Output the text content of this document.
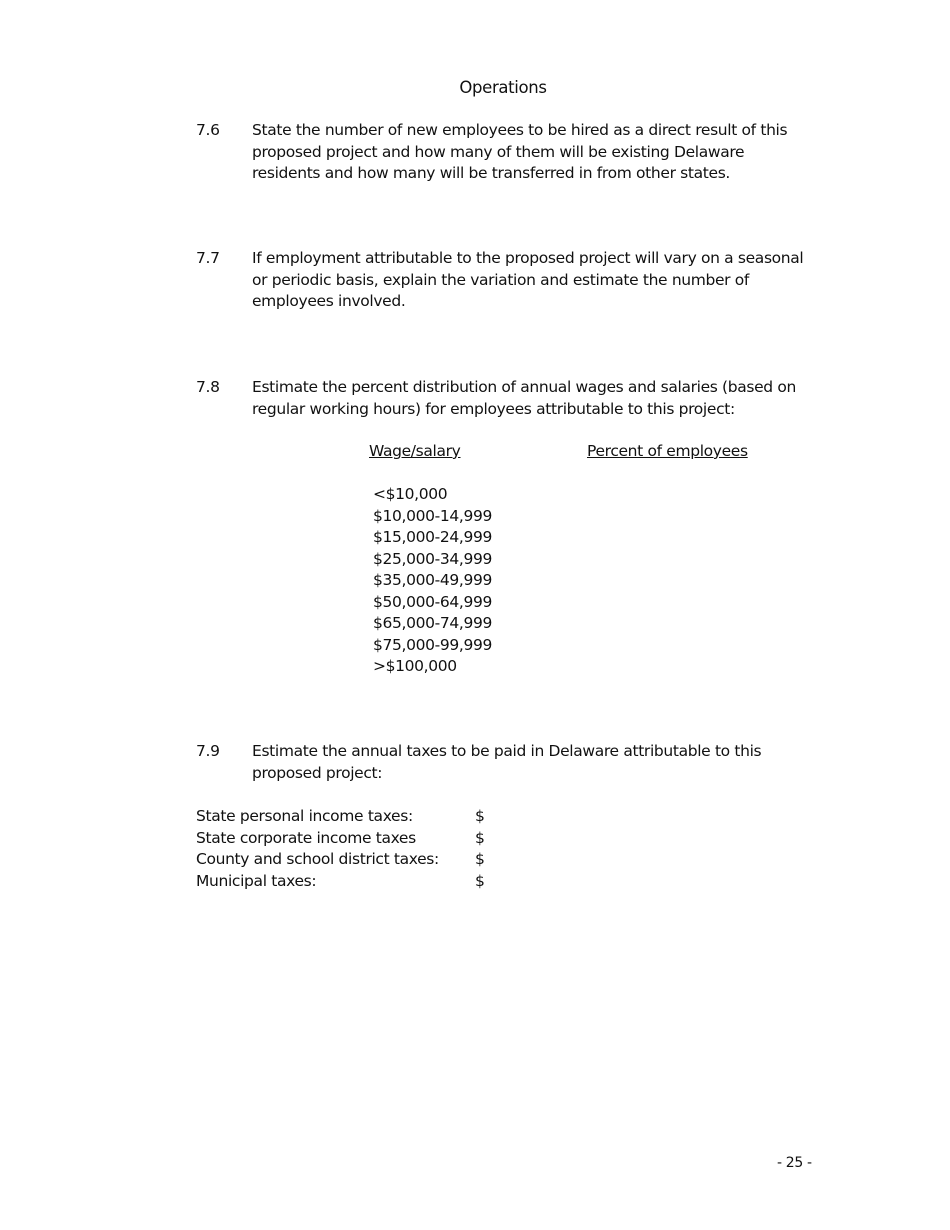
Operations
7.6 State the number of new employees to be hired as a direct result of this
proposed project and how many of them will be existing Delaware
residents and how many will be transferred in from other states.
7.7 If employment attributable to the proposed project will vary on a seasonal
or periodic basis, explain the variation and estimate the number of
employees involved.
7.8 Estimate the percent distribution of annual wages and salaries (based on
regular working hours) for employees attributable to this project:
Wage/salary	Percent of employees
<$10,000
$10,000-14,999
$15,000-24,999
$25,000-34,999
$35,000-49,999
$50,000-64,999
$65,000-74,999
$75,000-99,999
>$100,000
7.9 Estimate the annual taxes to be paid in Delaware attributable to this
proposed project:
State personal income taxes:	$
State corporate income taxes	$
County and school district taxes: $
Municipal taxes:	$
- 25 -
